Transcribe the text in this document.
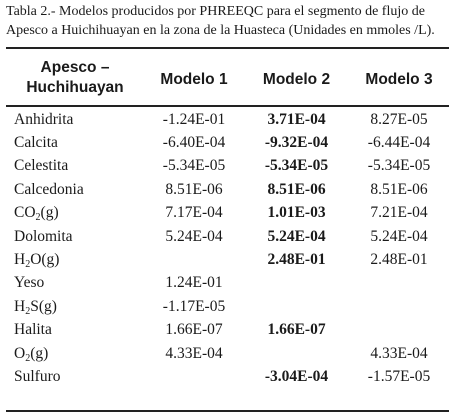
Tabla 2.- Modelos producidos por PHREEQC para el segmento de flujo de Apesco a Huichihuayan en la zona de la Huasteca (Unidades en mmoles /L).

Apesco –
Huchihuayan	Modelo 1	Modelo 2	Modelo 3
Anhidrita	-1.24E-01	3.71E-04	8.27E-05
Calcita	-6.40E-04	-9.32E-04	-6.44E-04
Celestita	-5.34E-05	-5.34E-05	-5.34E-05
Calcedonia	8.51E-06	8.51E-06	8.51E-06
$CO_2(g)$	7.17E-04	1.01E-03	7.21E-04
Dolomita	5.24E-04	5.24E-04	5.24E-04
$H_2O(g)$		2.48E-01	2.48E-01
Yeso	1.24E-01		
$H_2S(g)$	-1.17E-05		
Halita	1.66E-07	1.66E-07	
$O_2(g)$	4.33E-04		4.33E-04
Sulfuro		-3.04E-04	-1.57E-05
